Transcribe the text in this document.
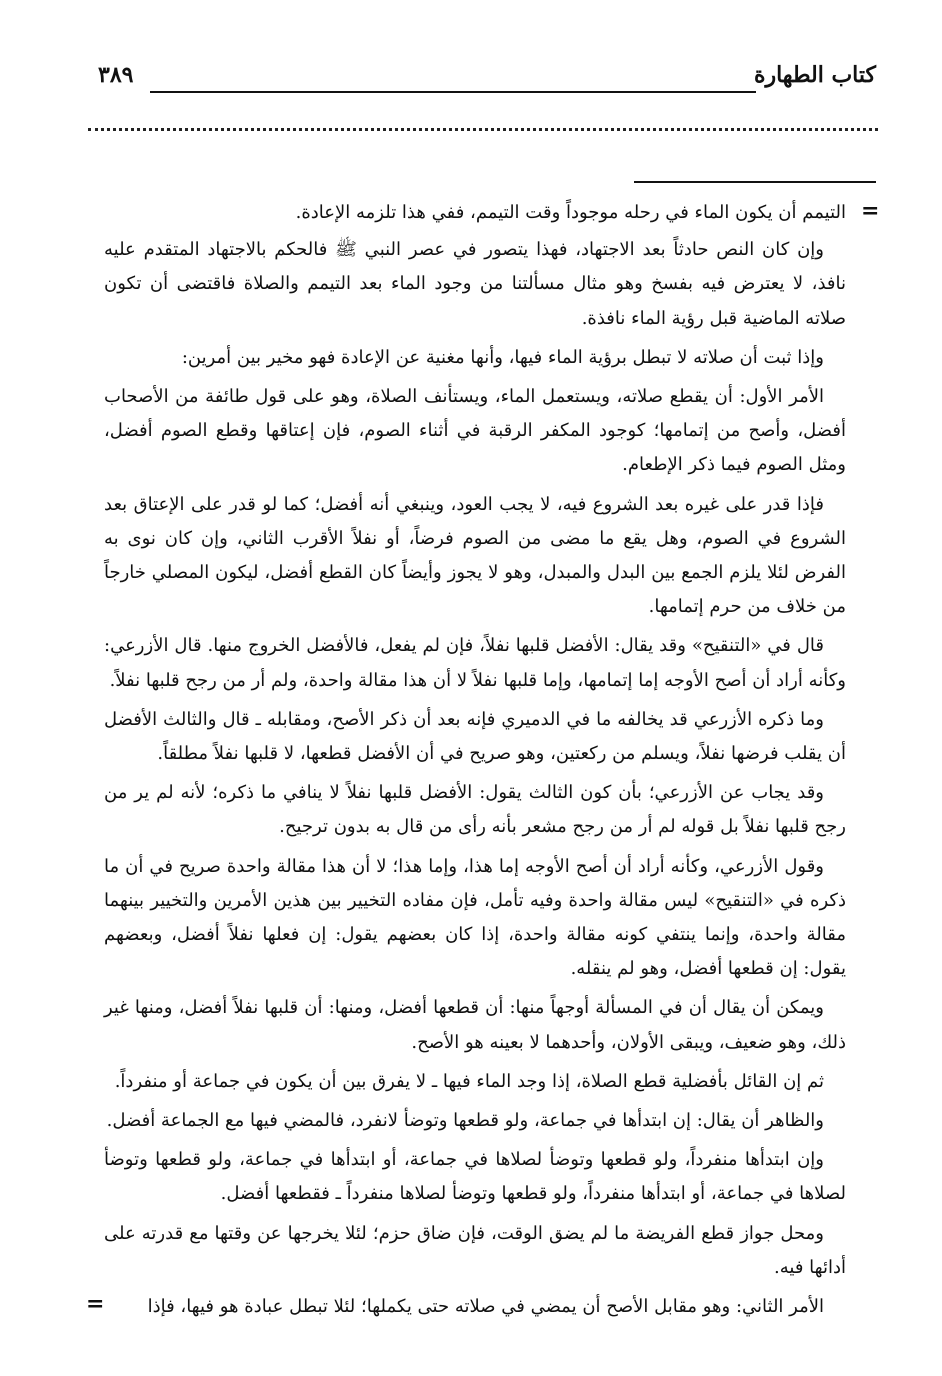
كتاب الطهارة
٣٨٩
=
=

التيمم أن يكون الماء في رحله موجوداً وقت التيمم، ففي هذا تلزمه الإعادة.

وإن كان النص حادثاً بعد الاجتهاد، فهذا يتصور في عصر النبي ﷺ فالحكم بالاجتهاد المتقدم عليه نافذ، لا يعترض فيه بفسخ وهو مثال مسألتنا من وجود الماء بعد التيمم والصلاة فاقتضى أن تكون صلاته الماضية قبل رؤية الماء نافذة.

وإذا ثبت أن صلاته لا تبطل برؤية الماء فيها، وأنها مغنية عن الإعادة فهو مخير بين أمرين:

الأمر الأول: أن يقطع صلاته، ويستعمل الماء، ويستأنف الصلاة، وهو على قول طائفة من الأصحاب أفضل، وأصح من إتمامها؛ كوجود المكفر الرقبة في أثناء الصوم، فإن إعتاقها وقطع الصوم أفضل، ومثل الصوم فيما ذكر الإطعام.

فإذا قدر على غيره بعد الشروع فيه، لا يجب العود، وينبغي أنه أفضل؛ كما لو قدر على الإعتاق بعد الشروع في الصوم، وهل يقع ما مضى من الصوم فرضاً، أو نفلاً الأقرب الثاني، وإن كان نوى به الفرض لئلا يلزم الجمع بين البدل والمبدل، وهو لا يجوز وأيضاً كان القطع أفضل، ليكون المصلي خارجاً من خلاف من حرم إتمامها.

قال في «التنقيح» وقد يقال: الأفضل قلبها نفلاً، فإن لم يفعل، فالأفضل الخروج منها. قال الأزرعي: وكأنه أراد أن أصح الأوجه إما إتمامها، وإما قلبها نفلاً لا أن هذا مقالة واحدة، ولم أر من رجح قلبها نفلاً.

وما ذكره الأزرعي قد يخالفه ما في الدميري فإنه بعد أن ذكر الأصح، ومقابله ـ قال والثالث الأفضل أن يقلب فرضها نفلاً، ويسلم من ركعتين، وهو صريح في أن الأفضل قطعها، لا قلبها نفلاً مطلقاً.

وقد يجاب عن الأزرعي؛ بأن كون الثالث يقول: الأفضل قلبها نفلاً لا ينافي ما ذكره؛ لأنه لم ير من رجح قلبها نفلاً بل قوله لم أر من رجح مشعر بأنه رأى من قال به بدون ترجيح.

وقول الأزرعي، وكأنه أراد أن أصح الأوجه إما هذا، وإما هذا؛ لا أن هذا مقالة واحدة صريح في أن ما ذكره في «التنقيح» ليس مقالة واحدة وفيه تأمل، فإن مفاده التخيير بين هذين الأمرين والتخيير بينهما مقالة واحدة، وإنما ينتفي كونه مقالة واحدة، إذا كان بعضهم يقول: إن فعلها نفلاً أفضل، وبعضهم يقول: إن قطعها أفضل، وهو لم ينقله.

ويمكن أن يقال أن في المسألة أوجهاً منها: أن قطعها أفضل، ومنها: أن قلبها نفلاً أفضل، ومنها غير ذلك، وهو ضعيف، ويبقى الأولان، وأحدهما لا بعينه هو الأصح.

ثم إن القائل بأفضلية قطع الصلاة، إذا وجد الماء فيها ـ لا يفرق بين أن يكون في جماعة أو منفرداً.

والظاهر أن يقال: إن ابتدأها في جماعة، ولو قطعها وتوضأ لانفرد، فالمضي فيها مع الجماعة أفضل.

وإن ابتدأها منفرداً، ولو قطعها وتوضأ لصلاها في جماعة، أو ابتدأها في جماعة، ولو قطعها وتوضأ لصلاها في جماعة، أو ابتدأها منفرداً، ولو قطعها وتوضأ لصلاها منفرداً ـ فقطعها أفضل.

ومحل جواز قطع الفريضة ما لم يضق الوقت، فإن ضاق حزم؛ لئلا يخرجها عن وقتها مع قدرته على أدائها فيه.

الأمر الثاني: وهو مقابل الأصح أن يمضي في صلاته حتى يكملها؛ لئلا تبطل عبادة هو فيها، فإذا
